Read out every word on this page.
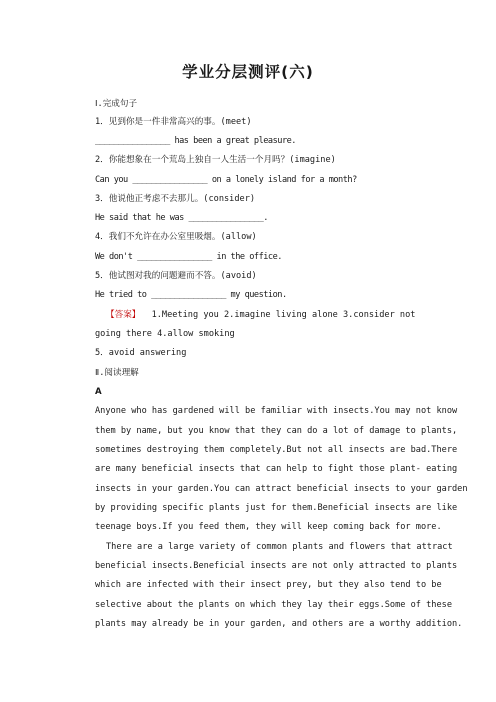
学业分层测评(六)
Ⅰ.完成句子
1．见到你是一件非常高兴的事。(meet)
________________ has been a great pleasure.
2．你能想象在一个荒岛上独自一人生活一个月吗？(imagine)
Can you ________________ on a lonely island for a month?
3．他说他正考虑不去那儿。(consider)
He said that he was ________________.
4．我们不允许在办公室里吸烟。(allow)
We don't ________________ in the office.
5．他试图对我的问题避而不答。(avoid)
He tried to ________________ my question.
【答案】 1.Meeting you 2.imagine living alone 3.consider not
going there 4.allow smoking
5．avoid answering
Ⅱ.阅读理解
A
Anyone who has gardened will be familiar with insects.You may not know
them by name, but you know that they can do a lot of damage to plants,
sometimes destroying them completely.But not all insects are bad.There
are many beneficial insects that can help to fight those plant- eating
insects in your garden.You can attract beneficial insects to your garden
by providing specific plants just for them.Beneficial insects are like
teenage boys.If you feed them, they will keep coming back for more.
There are a large variety of common plants and flowers that attract
beneficial insects.Beneficial insects are not only attracted to plants
which are infected with their insect prey, but they also tend to be
selective about the plants on which they lay their eggs.Some of these
plants may already be in your garden, and others are a worthy addition.
